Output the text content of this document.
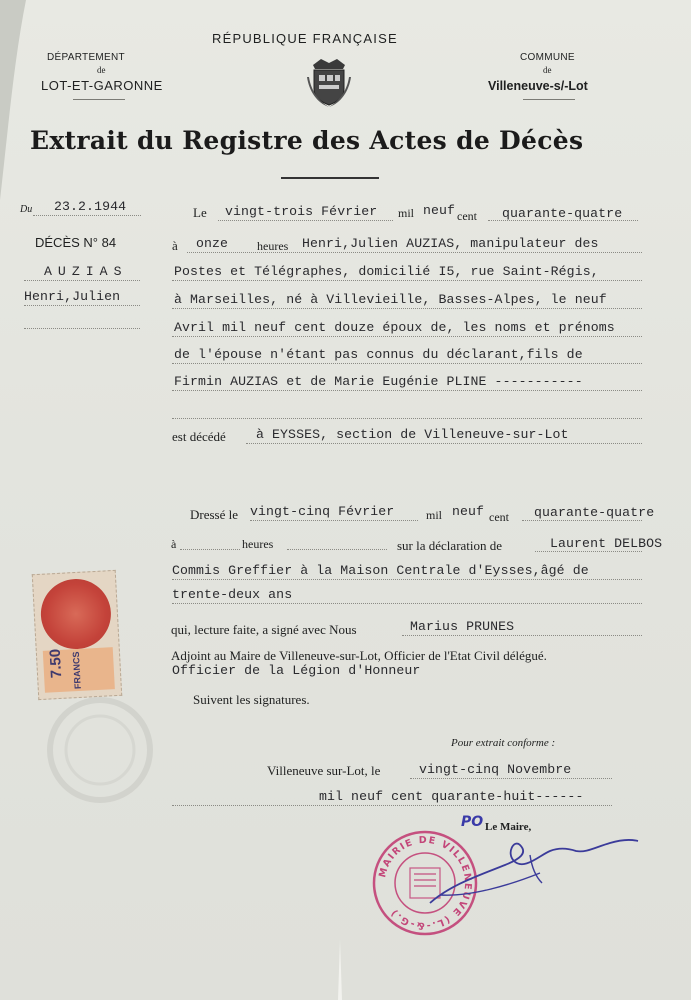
RÉPUBLIQUE FRANÇAISE
DÉPARTEMENT
de
LOT-ET-GARONNE
COMMUNE
de
Villeneuve-s/-Lot
Extrait du Registre des Actes de Décès
Du 23.2.1944
DÉCÈS N° 84
AUZIAS
Henri,Julien
Le vingt-trois Février mil neuf cent quarante-quatre
à onze heures Henri,Julien AUZIAS, manipulateur des
Postes et Télégraphes, domicilié I5, rue Saint-Régis,
à Marseilles, né à Villevieille, Basses-Alpes, le neuf
Avril mil neuf cent douze époux de, les noms et prénoms
de l'épouse n'étant pas connus du déclarant,fils de
Firmin AUZIAS et de Marie Eugénie PLINE -----------
est décédé à EYSSES, section de Villeneuve-sur-Lot
Dressé le vingt-cinq Février	mil neuf cent quarante-quatre
à	heures	sur la déclaration de	Laurent DELBOS
Commis Greffier à la Maison Centrale d'Eysses,âgé de
trente-deux ans
qui, lecture faite, a signé avec Nous	Marius PRUNES
Adjoint au Maire de Villeneuve-sur-Lot, Officier de l'Etat Civil délégué.
Officier de la Légion d'Honneur
Suivent les signatures.
Pour extrait conforme :
Villeneuve sur-Lot, le	vingt-cinq Novembre
mil neuf cent quarante-huit------
PO Le Maire,
7.50 FRANCS
MAIRIE DE VILLENEUVE (L.-&-G.)
